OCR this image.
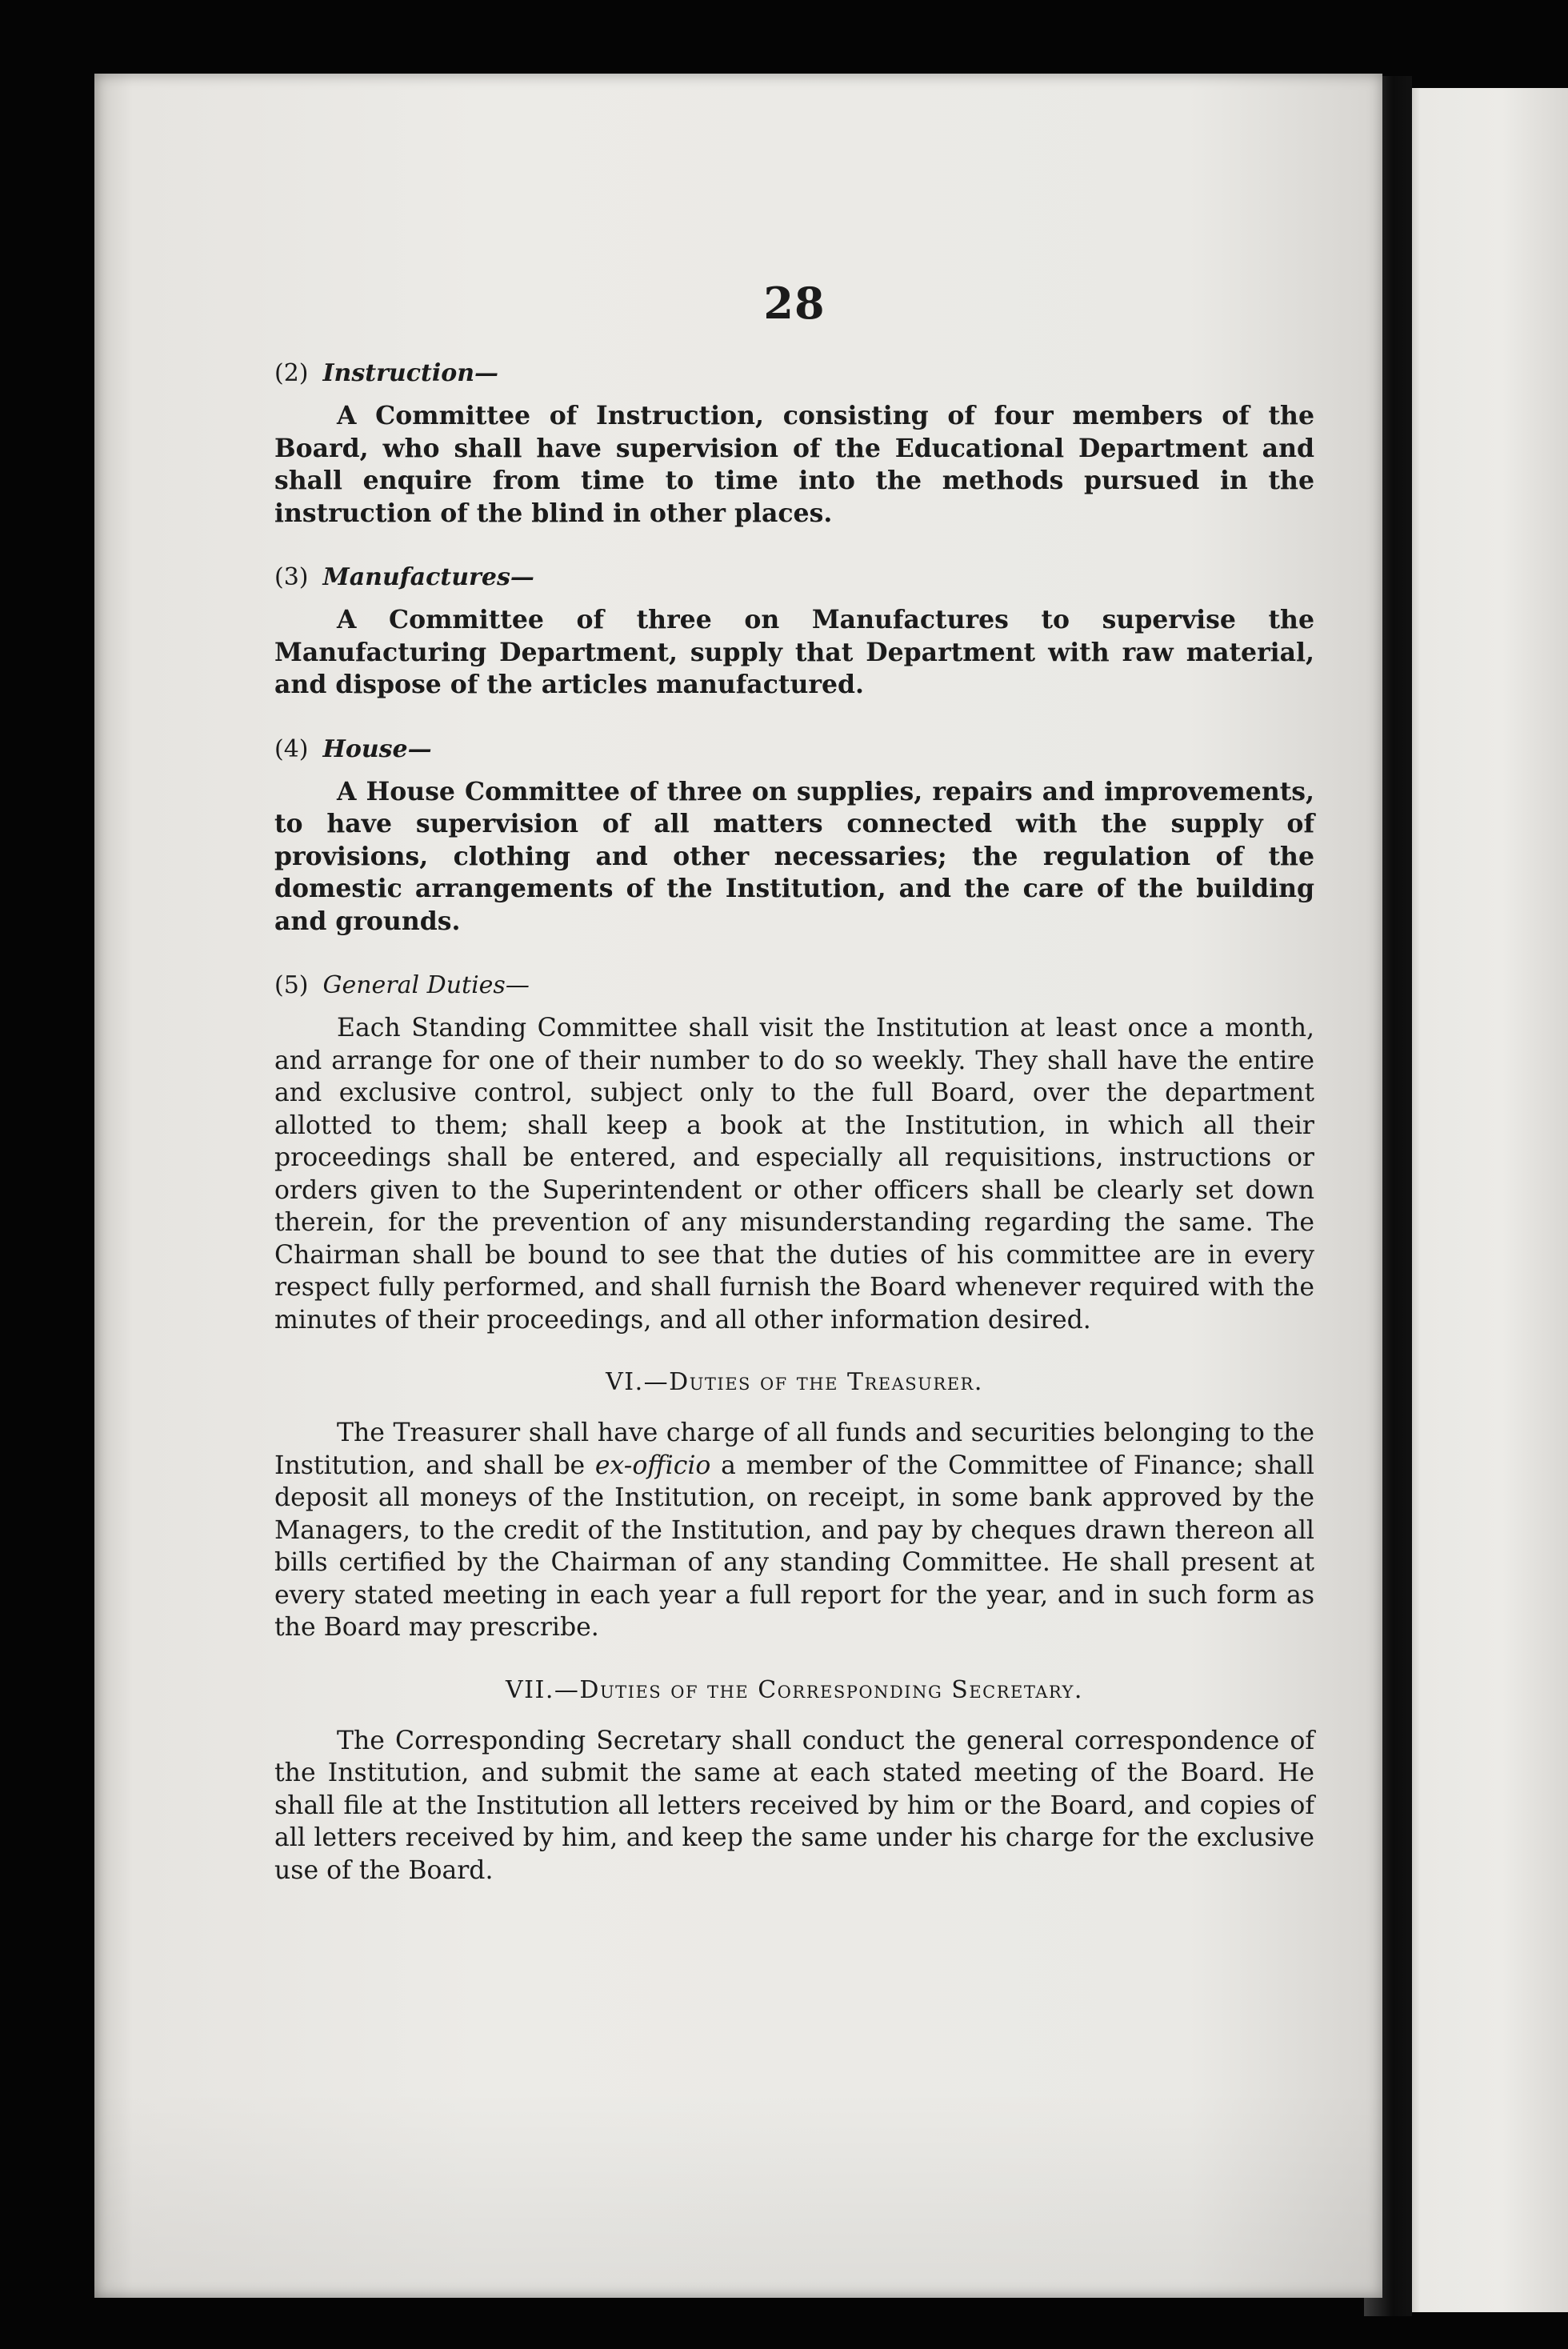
28
(2) Instruction—

A Committee of Instruction, consisting of four members of the Board, who shall have supervision of the Educational Department and shall enquire from time to time into the methods pursued in the instruction of the blind in other places.

(3) Manufactures—

A Committee of three on Manufactures to supervise the Manufacturing Department, supply that Department with raw material, and dispose of the articles manufactured.

(4) House—

A House Committee of three on supplies, repairs and improvements, to have supervision of all matters connected with the supply of provisions, clothing and other necessaries; the regulation of the domestic arrangements of the Institution, and the care of the building and grounds.

(5) General Duties—

Each Standing Committee shall visit the Institution at least once a month, and arrange for one of their number to do so weekly. They shall have the entire and exclusive control, subject only to the full Board, over the department allotted to them; shall keep a book at the Institution, in which all their proceedings shall be entered, and especially all requisitions, instructions or orders given to the Superintendent or other officers shall be clearly set down therein, for the prevention of any misunderstanding regarding the same. The Chairman shall be bound to see that the duties of his committee are in every respect fully performed, and shall furnish the Board whenever required with the minutes of their proceedings, and all other information desired.

VI.—Duties of the Treasurer.

The Treasurer shall have charge of all funds and securities belonging to the Institution, and shall be ex-officio a member of the Committee of Finance; shall deposit all moneys of the Institution, on receipt, in some bank approved by the Managers, to the credit of the Institution, and pay by cheques drawn thereon all bills certified by the Chairman of any standing Committee. He shall present at every stated meeting in each year a full report for the year, and in such form as the Board may prescribe.

VII.—Duties of the Corresponding Secretary.

The Corresponding Secretary shall conduct the general correspondence of the Institution, and submit the same at each stated meeting of the Board. He shall file at the Institution all letters received by him or the Board, and copies of all letters received by him, and keep the same under his charge for the exclusive use of the Board.
